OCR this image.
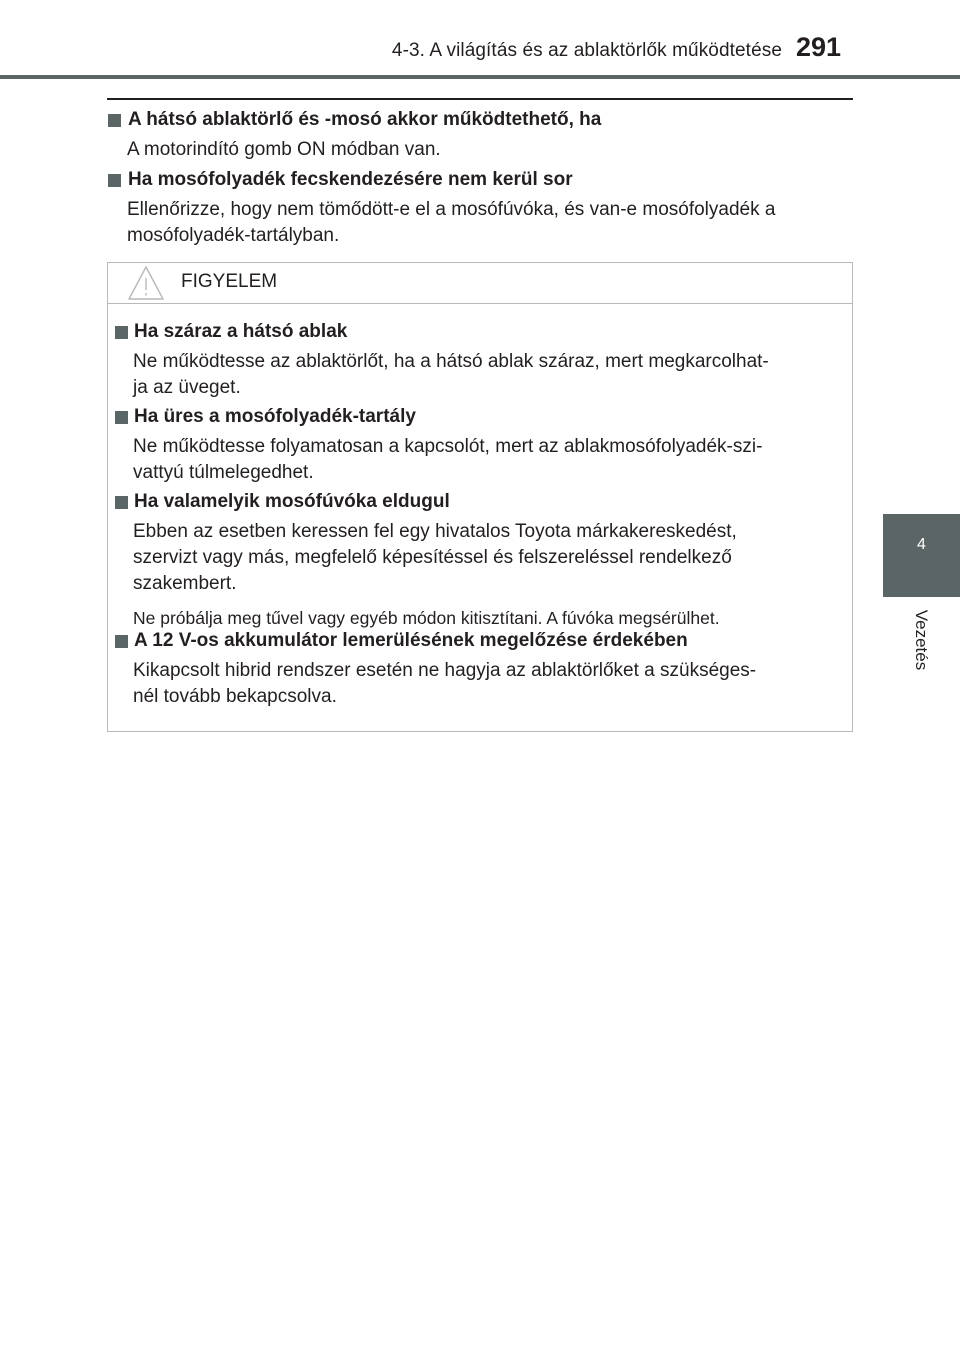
4-3. A világítás és az ablaktörlők működtetése 291
4
Vezetés
A hátsó ablaktörlő és -mosó akkor működtethető, ha
A motorindító gomb ON módban van.
Ha mosófolyadék fecskendezésére nem kerül sor
Ellenőrizze, hogy nem tömődött-e el a mosófúvóka, és van-e mosófolyadék a
mosófolyadék-tartályban.
FIGYELEM
Ha száraz a hátsó ablak
Ne működtesse az ablaktörlőt, ha a hátsó ablak száraz, mert megkarcolhat-
ja az üveget.
Ha üres a mosófolyadék-tartály
Ne működtesse folyamatosan a kapcsolót, mert az ablakmosófolyadék-szi-
vattyú túlmelegedhet.
Ha valamelyik mosófúvóka eldugul
Ebben az esetben keressen fel egy hivatalos Toyota márkakereskedést,
szervizt vagy más, megfelelő képesítéssel és felszereléssel rendelkező
szakembert.
Ne próbálja meg tűvel vagy egyéb módon kitisztítani. A fúvóka megsérülhet.
A 12 V-os akkumulátor lemerülésének megelőzése érdekében
Kikapcsolt hibrid rendszer esetén ne hagyja az ablaktörlőket a szükséges-
nél tovább bekapcsolva.
